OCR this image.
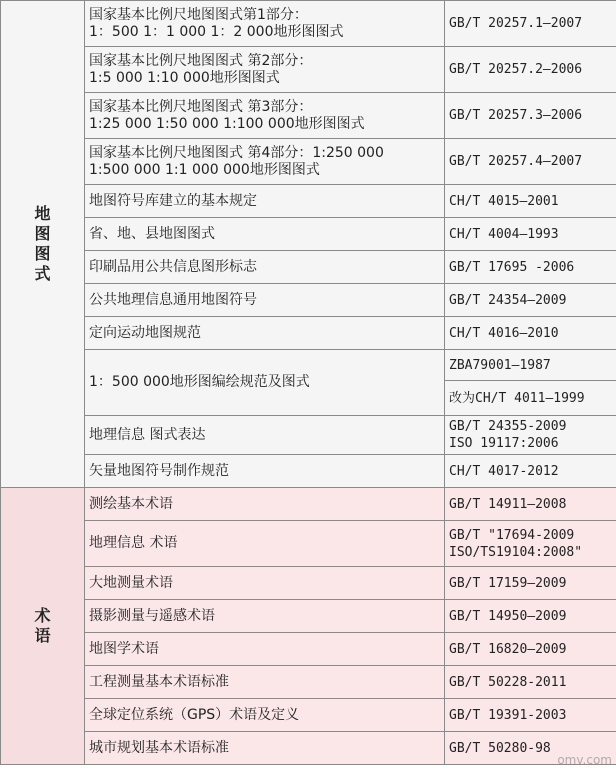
地
图
图
式	国家基本比例尺地图图式第1部分：
1：500 1：1 000 1：2 000地形图图式	GB/T 20257.1—2007

	国家基本比例尺地图图式 第2部分：
1:5 000 1:10 000地形图图式	GB/T 20257.2—2006

	国家基本比例尺地图图式 第3部分：
1:25 000 1:50 000 1:100 000地形图图式	GB/T 20257.3—2006

	国家基本比例尺地图图式 第4部分：1:250 000
1:500 000 1:1 000 000地形图图式	GB/T 20257.4—2007

	地图符号库建立的基本规定	CH/T 4015—2001

	省、地、县地图图式	CH/T 4004—1993

	印刷品用公共信息图形标志	GB/T 17695 -2006

	公共地理信息通用地图符号	GB/T 24354—2009

	定向运动地图规范	CH/T 4016—2010

	1：500 000地形图编绘规范及图式	ZBA79001—1987

		改为CH/T 4011—1999

	地理信息 图式表达	GB/T 24355-2009
ISO 19117:2006

	矢量地图符号制作规范	CH/T 4017-2012

术
语	测绘基本术语	GB/T 14911—2008

	地理信息 术语	GB/T "17694-2009
ISO/TS19104:2008"

	大地测量术语	GB/T 17159—2009

	摄影测量与遥感术语	GB/T 14950—2009

	地图学术语	GB/T 16820—2009

	工程测量基本术语标准	GB/T 50228-2011

	全球定位系统（GPS）术语及定义	GB/T 19391-2003

	城市规划基本术语标准	GB/T 50280-98
omv.com
